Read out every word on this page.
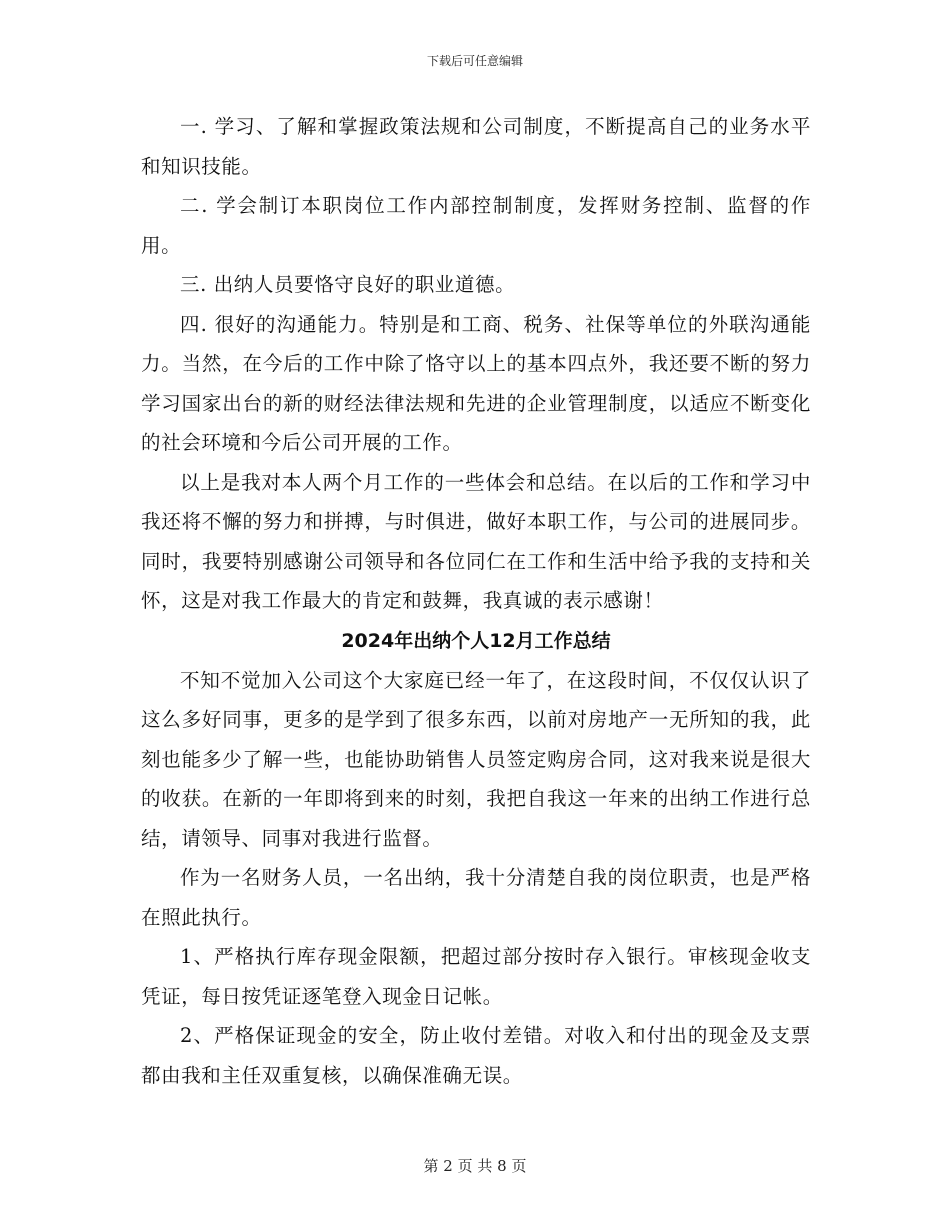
下载后可任意编辑

一. 学习、了解和掌握政策法规和公司制度，不断提高自己的业务水平和知识技能。

二. 学会制订本职岗位工作内部控制制度，发挥财务控制、监督的作用。

三. 出纳人员要恪守良好的职业道德。

四. 很好的沟通能力。特别是和工商、税务、社保等单位的外联沟通能力。当然，在今后的工作中除了恪守以上的基本四点外，我还要不断的努力学习国家出台的新的财经法律法规和先进的企业管理制度，以适应不断变化的社会环境和今后公司开展的工作。

以上是我对本人两个月工作的一些体会和总结。在以后的工作和学习中我还将不懈的努力和拼搏，与时俱进，做好本职工作，与公司的进展同步。同时，我要特别感谢公司领导和各位同仁在工作和生活中给予我的支持和关怀，这是对我工作最大的肯定和鼓舞，我真诚的表示感谢！

2024年出纳个人12月工作总结

不知不觉加入公司这个大家庭已经一年了，在这段时间，不仅仅认识了这么多好同事，更多的是学到了很多东西，以前对房地产一无所知的我，此刻也能多少了解一些，也能协助销售人员签定购房合同，这对我来说是很大的收获。在新的一年即将到来的时刻，我把自我这一年来的出纳工作进行总结，请领导、同事对我进行监督。

作为一名财务人员，一名出纳，我十分清楚自我的岗位职责，也是严格在照此执行。

1、严格执行库存现金限额，把超过部分按时存入银行。审核现金收支凭证，每日按凭证逐笔登入现金日记帐。

2、严格保证现金的安全，防止收付差错。对收入和付出的现金及支票都由我和主任双重复核，以确保准确无误。

第 2 页 共 8 页
